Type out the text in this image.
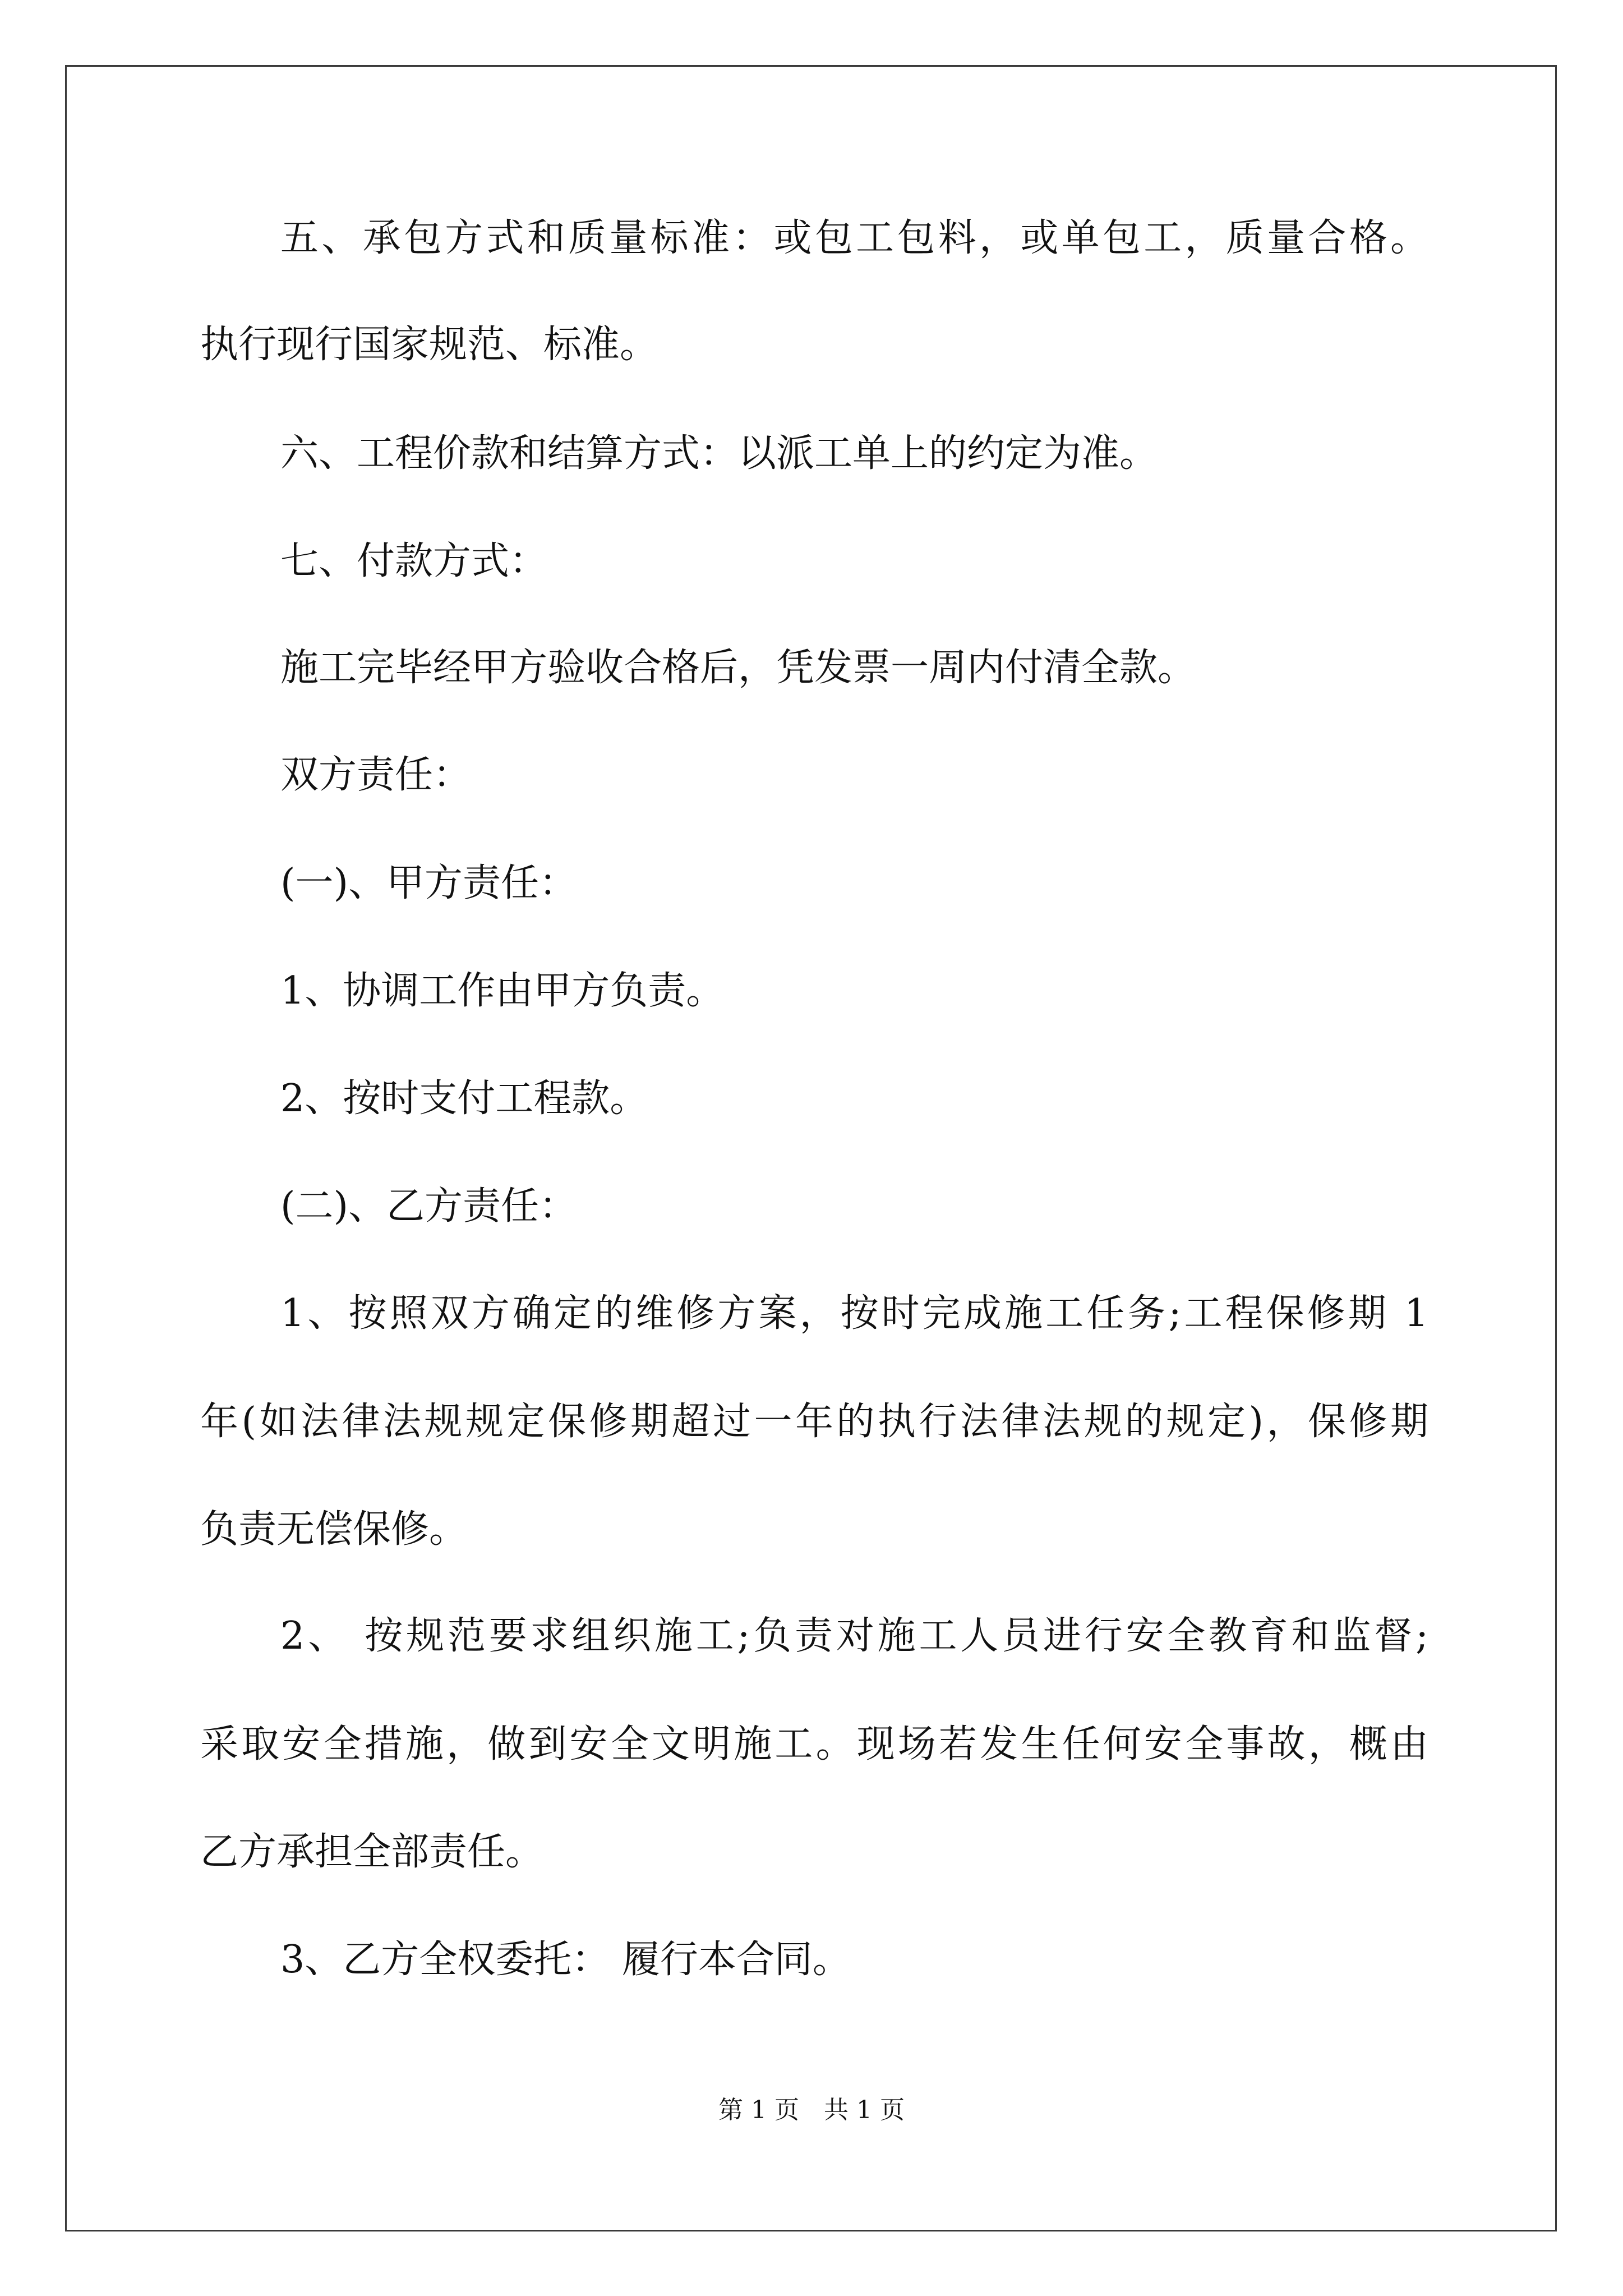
五、承包方式和质量标准：或包工包料，或单包工，质量合格。
执行现行国家规范、标准。
六、工程价款和结算方式：以派工单上的约定为准。
七、付款方式：
施工完毕经甲方验收合格后，凭发票一周内付清全款。
双方责任：
(一)、甲方责任：
1、协调工作由甲方负责。
2、按时支付工程款。
(二)、乙方责任：
1、按照双方确定的维修方案，按时完成施工任务;工程保修期 1
年(如法律法规规定保修期超过一年的执行法律法规的规定)，保修期
负责无偿保修。
2、 按规范要求组织施工;负责对施工人员进行安全教育和监督;
采取安全措施，做到安全文明施工。现场若发生任何安全事故，概由
乙方承担全部责任。
3、乙方全权委托： 履行本合同。
第 1 页　共 1 页
